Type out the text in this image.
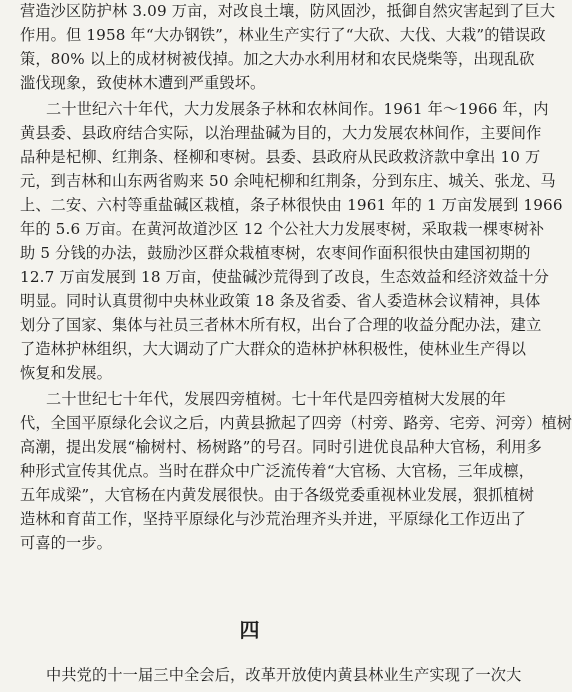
营造沙区防护林 3.09 万亩，对改良土壤，防风固沙，抵御自然灾害起到了巨大
作用。但 1958 年“大办钢铁”，林业生产实行了“大砍、大伐、大栽”的错误政
策，80% 以上的成材树被伐掉。加之大办水利用材和农民烧柴等，出现乱砍
滥伐现象，致使林木遭到严重毁坏。
二十世纪六十年代，大力发展条子林和农林间作。1961 年～1966 年，内
黄县委、县政府结合实际，以治理盐碱为目的，大力发展农林间作，主要间作
品种是杞柳、红荆条、柽柳和枣树。县委、县政府从民政救济款中拿出 10 万
元，到吉林和山东两省购来 50 余吨杞柳和红荆条，分到东庄、城关、张龙、马
上、二安、六村等重盐碱区栽植，条子林很快由 1961 年的 1 万亩发展到 1966
年的 5.6 万亩。在黄河故道沙区 12 个公社大力发展枣树，采取栽一棵枣树补
助 5 分钱的办法，鼓励沙区群众栽植枣树，农枣间作面积很快由建国初期的
12.7 万亩发展到 18 万亩，使盐碱沙荒得到了改良，生态效益和经济效益十分
明显。同时认真贯彻中央林业政策 18 条及省委、省人委造林会议精神，具体
划分了国家、集体与社员三者林木所有权，出台了合理的收益分配办法，建立
了造林护林组织，大大调动了广大群众的造林护林积极性，使林业生产得以
恢复和发展。
二十世纪七十年代，发展四旁植树。七十年代是四旁植树大发展的年
代，全国平原绿化会议之后，内黄县掀起了四旁（村旁、路旁、宅旁、河旁）植树
高潮，提出发展“榆树村、杨树路”的号召。同时引进优良品种大官杨，利用多
种形式宣传其优点。当时在群众中广泛流传着“大官杨、大官杨，三年成檩，
五年成梁”，大官杨在内黄发展很快。由于各级党委重视林业发展，狠抓植树
造林和育苗工作，坚持平原绿化与沙荒治理齐头并进，平原绿化工作迈出了
可喜的一步。
四
中共党的十一届三中全会后，改革开放使内黄县林业生产实现了一次大
